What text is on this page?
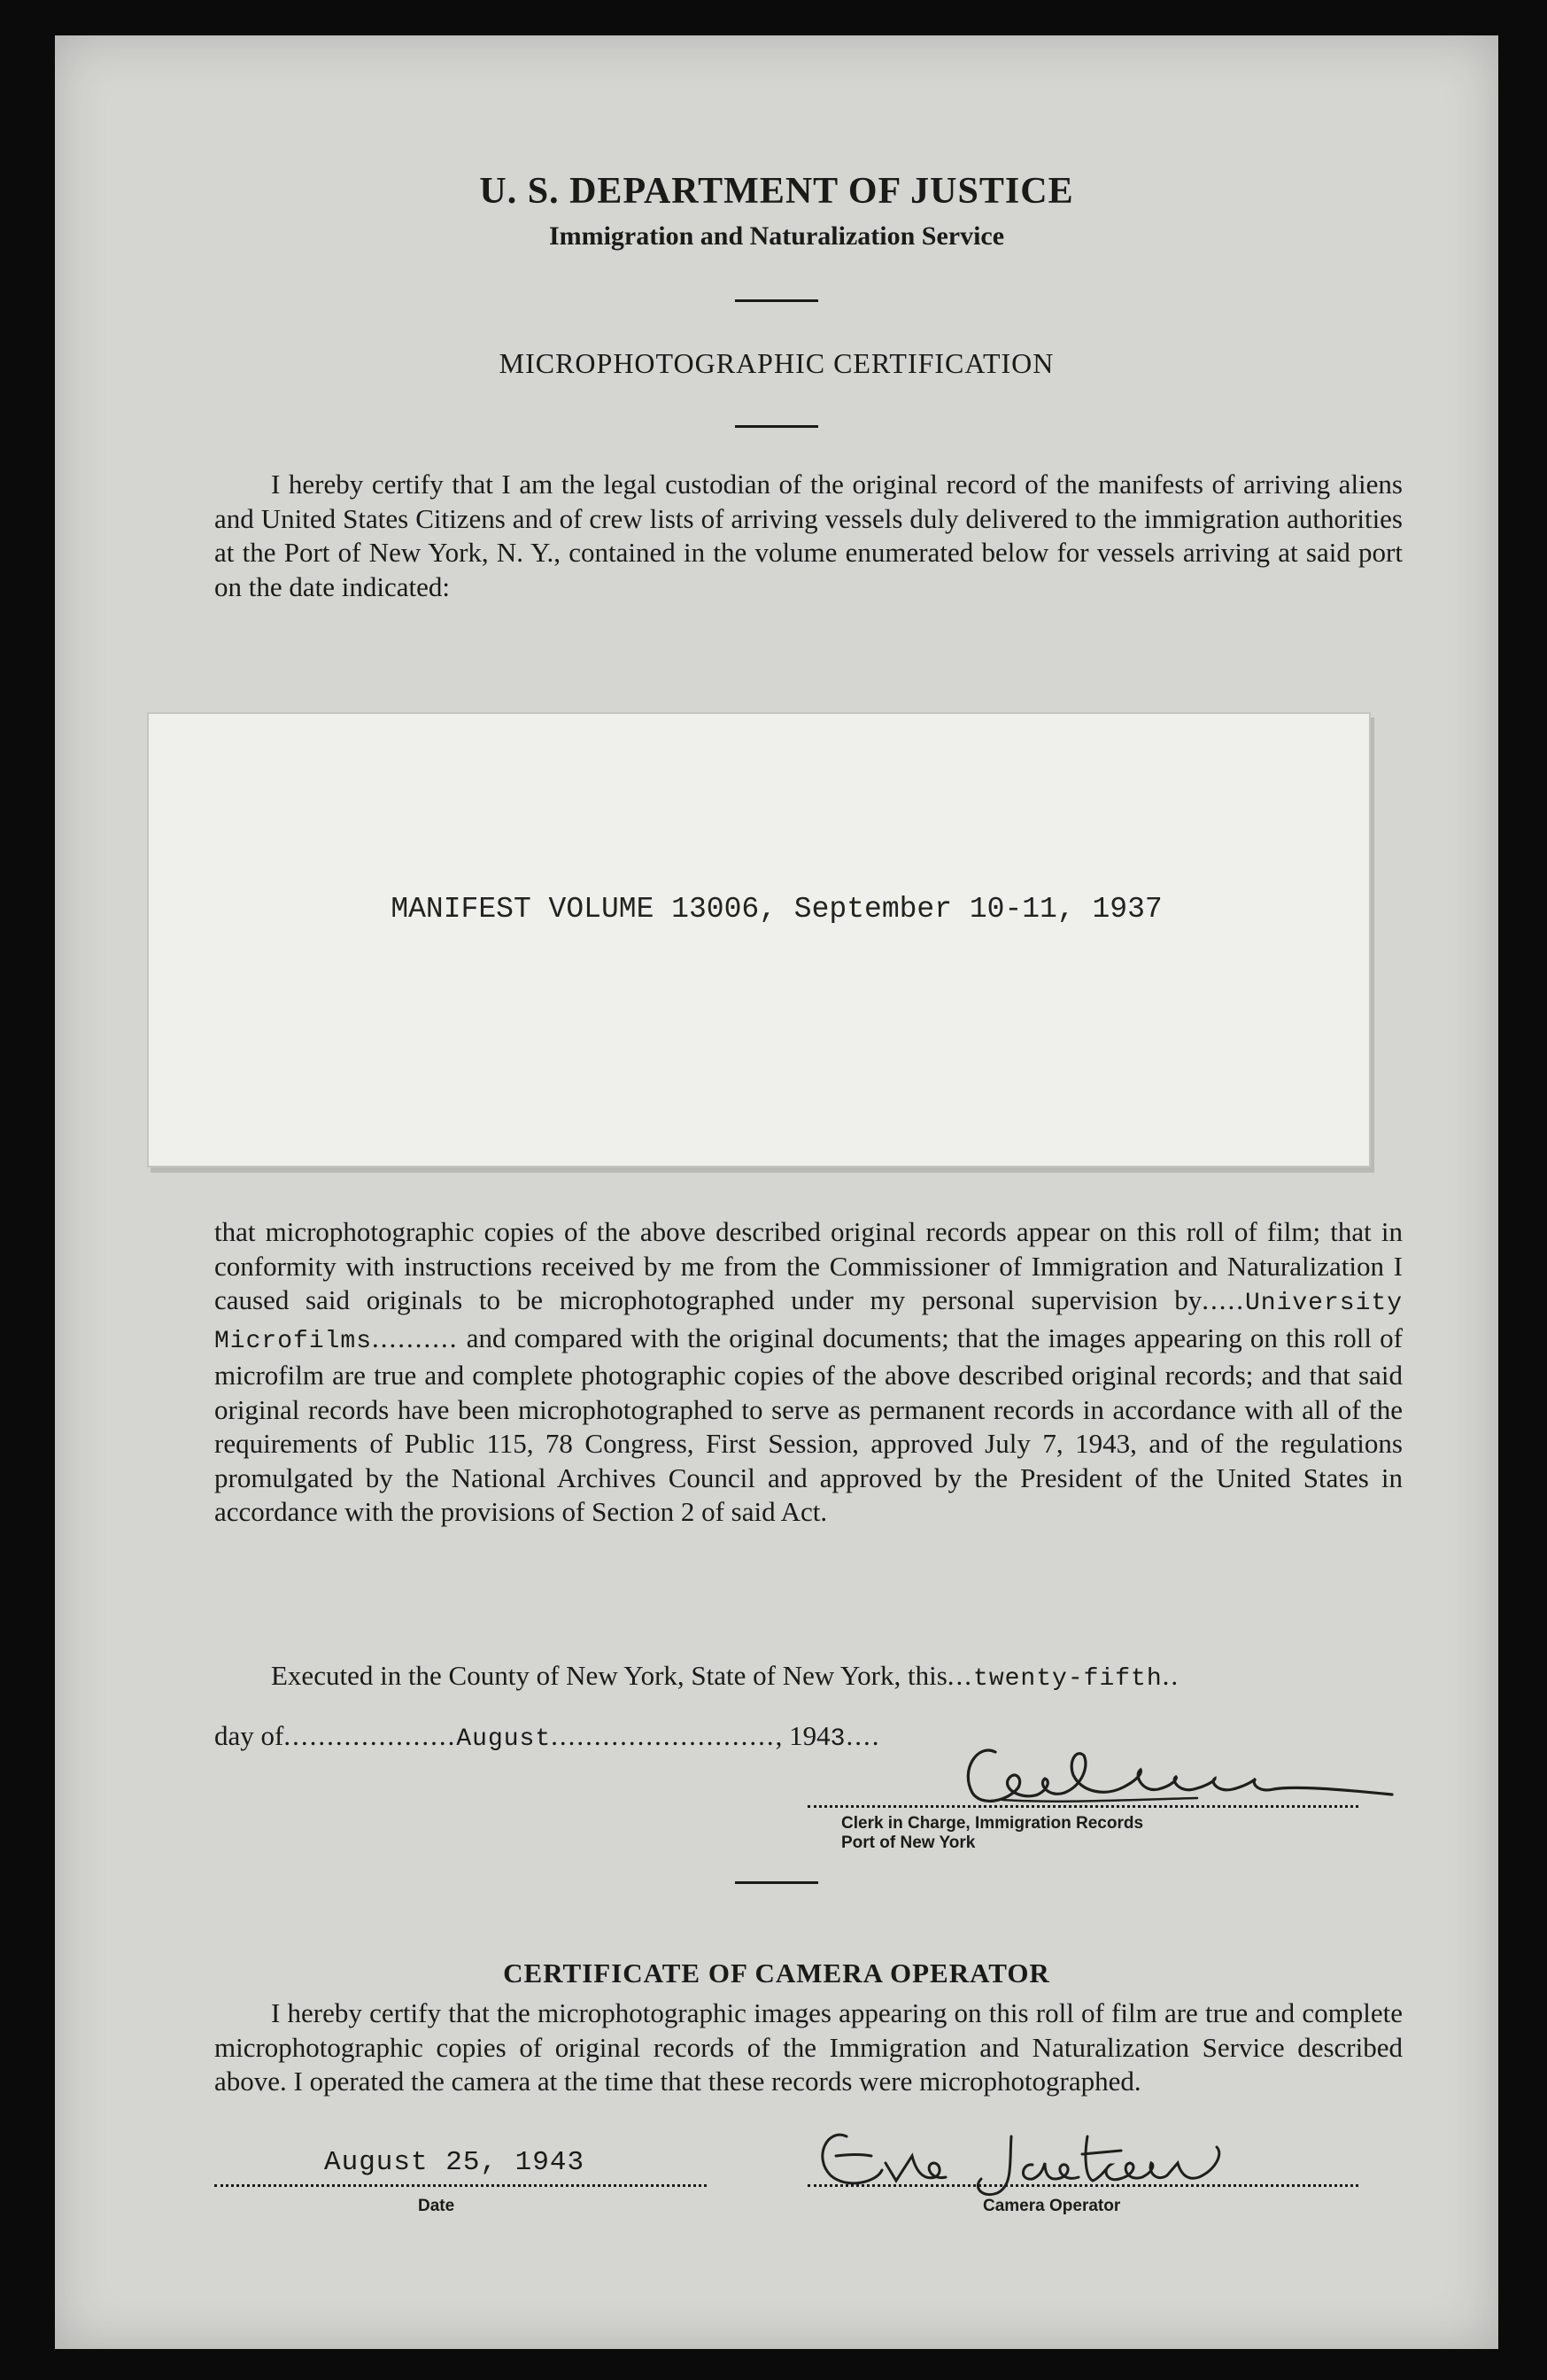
U. S. DEPARTMENT OF JUSTICE
Immigration and Naturalization Service
MICROPHOTOGRAPHIC CERTIFICATION

I hereby certify that I am the legal custodian of the original record of the manifests of arriving aliens and United States Citizens and of crew lists of arriving vessels duly delivered to the immigration authorities at the Port of New York, N. Y., contained in the volume enumerated below for vessels arriving at said port on the date indicated:

MANIFEST VOLUME 13006, September 10-11, 1937

that microphotographic copies of the above described original records appear on this roll of film; that in conformity with instructions received by me from the Commissioner of Immigration and Naturalization I caused said originals to be microphotographed under my personal supervision by.....University Microfilms.......... and compared with the original documents; that the images appearing on this roll of microfilm are true and complete photographic copies of the above described original records; and that said original records have been microphotographed to serve as permanent records in accordance with all of the requirements of Public 115, 78 Congress, First Session, approved July 7, 1943, and of the regulations promulgated by the National Archives Council and approved by the President of the United States in accordance with the provisions of Section 2 of said Act.

Executed in the County of New York, State of New York, this...twenty-fifth..
day of....................August.........................., 1943....
Clerk in Charge, Immigration Records
Port of New York
CERTIFICATE OF CAMERA OPERATOR

I hereby certify that the microphotographic images appearing on this roll of film are true and complete microphotographic copies of original records of the Immigration and Naturalization Service described above. I operated the camera at the time that these records were microphotographed.

August 25, 1943
Date	Camera Operator
